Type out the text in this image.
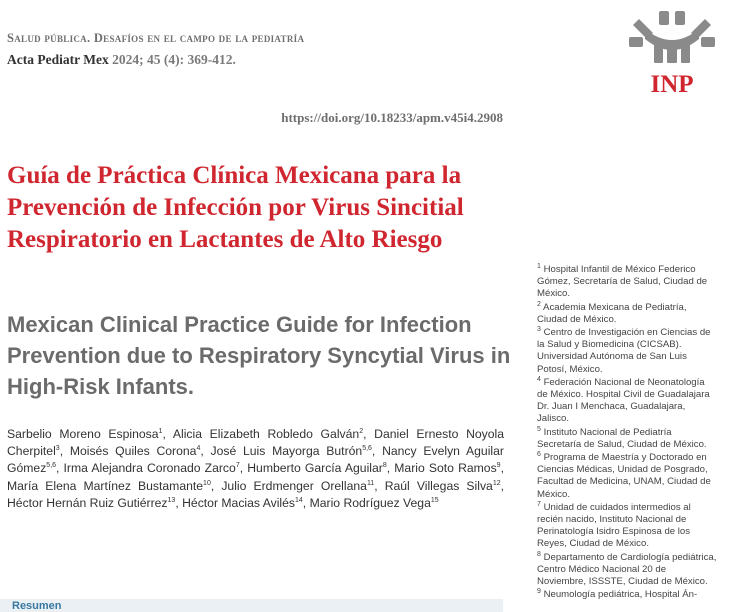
Salud pública. Desafíos en el campo de la pediatría
Acta Pediatr Mex 2024; 45 (4): 369-412.
https://doi.org/10.18233/apm.v45i4.2908
INP
Guía de Práctica Clínica Mexicana para la Prevención de Infección por Virus Sincitial Respiratorio en Lactantes de Alto Riesgo
Mexican Clinical Practice Guide for Infection Prevention due to Respiratory Syncytial Virus in High-Risk Infants.

Sarbelio Moreno Espinosa$^1$, Alicia Elizabeth Robledo Galván$^2$, Daniel Ernesto Noyola Cherpitel$^3$, Moisés Quiles Corona$^4$, José Luis Mayorga Butrón$^{5,6}$, Nancy Evelyn Aguilar Gómez$^{5,6}$, Irma Alejandra Coronado Zarco$^7$, Humberto García Aguilar$^8$, Mario Soto Ramos$^9$, María Elena Martínez Bustamante$^{10}$, Julio Erdmenger Orellana$^{11}$, Raúl Villegas Silva$^{12}$, Héctor Hernán Ruiz Gutiérrez$^{13}$, Héctor Macias Avilés$^{14}$, Mario Rodríguez Vega$^{15}$

$^1$ Hospital Infantil de México Federico Gómez, Secretaría de Salud, Ciudad de México.

$^2$ Academia Mexicana de Pediatría, Ciudad de México.

$^3$ Centro de Investigación en Ciencias de la Salud y Biomedicina (CICSAB). Universidad Autónoma de San Luis Potosí, México.

$^4$ Federación Nacional de Neonatología de México. Hospital Civil de Guadalajara Dr. Juan I Menchaca, Guadalajara, Jalisco.

$^5$ Instituto Nacional de Pediatría Secretaría de Salud, Ciudad de México.

$^6$ Programa de Maestría y Doctorado en Ciencias Médicas, Unidad de Posgrado, Facultad de Medicina, UNAM, Ciudad de México.

$^7$ Unidad de cuidados intermedios al recién nacido, Instituto Nacional de Perinatología Isidro Espinosa de los Reyes, Ciudad de México.

$^8$ Departamento de Cardiología pediátrica, Centro Médico Nacional 20 de Noviembre, ISSSTE, Ciudad de México.

$^9$ Neumología pediátrica, Hospital Án-

Resumen
